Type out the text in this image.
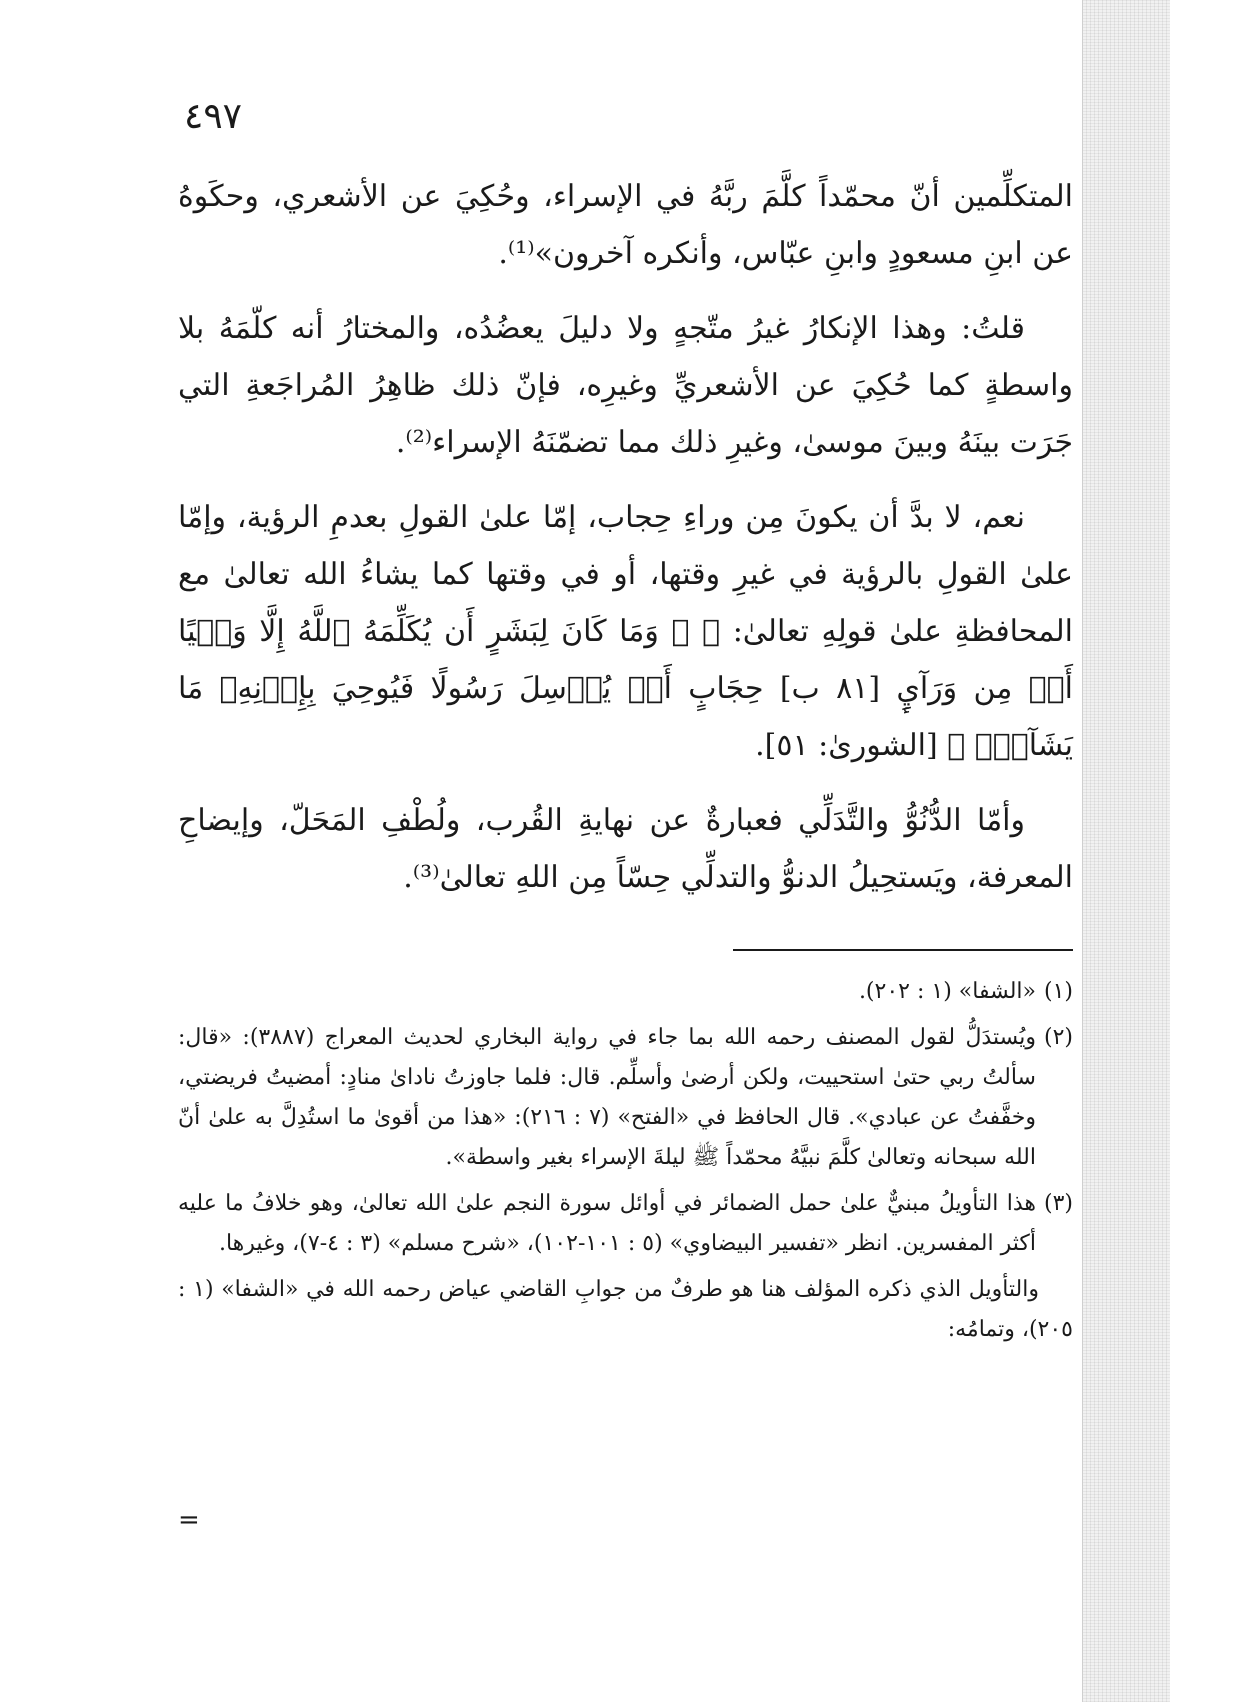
٤٩٧

المتكلِّمين أنّ محمّداً كلَّمَ ربَّهُ في الإسراء، وحُكِيَ عن الأشعري، وحكَوهُ عن ابنِ مسعودٍ وابنِ عبّاس، وأنكره آخرون»⁽¹⁾.

قلتُ: وهذا الإنكارُ غيرُ متّجهٍ ولا دليلَ يعضُدُه، والمختارُ أنه كلّمَهُ بلا واسطةٍ كما حُكِيَ عن الأشعريِّ وغيرِه، فإنّ ذلك ظاهِرُ المُراجَعةِ التي جَرَت بينَهُ وبينَ موسىٰ، وغيرِ ذلك مما تضمّنَهُ الإسراء⁽²⁾.

نعم، لا بدَّ أن يكونَ مِن وراءِ حِجاب، إمّا علىٰ القولِ بعدمِ الرؤية، وإمّا علىٰ القولِ بالرؤية في غيرِ وقتها، أو في وقتها كما يشاءُ الله تعالىٰ مع المحافظةِ علىٰ قولِهِ تعالىٰ: ﴿ ۞ وَمَا كَانَ لِبَشَرٍ أَن يُكَلِّمَهُ ٱللَّهُ إِلَّا وَحۡيًا أَوۡ مِن وَرَآيِٕ [٨١ ب] حِجَابٍ أَوۡ يُرۡسِلَ رَسُولًا فَيُوحِيَ بِإِذۡنِهِۦ مَا يَشَآءُۚ ﴾ [الشورىٰ: ٥١].

وأمّا الدُّنُوُّ والتَّدَلِّي فعبارةٌ عن نهايةِ القُرب، ولُطْفِ المَحَلّ، وإيضاحِ المعرفة، ويَستحِيلُ الدنوُّ والتدلِّي حِسّاً مِن اللهِ تعالىٰ⁽³⁾.

(١)
«الشفا» (١ : ٢٠٢).
(٢)
ويُستدَلُّ لقول المصنف رحمه الله بما جاء في رواية البخاري لحديث المعراج (٣٨٨٧): «قال: سألتُ ربي حتىٰ استحييت، ولكن أرضىٰ وأسلِّم. قال: فلما جاوزتُ ناداىٰ منادٍ: أمضيتُ فريضتي، وخفَّفتُ عن عبادي». قال الحافظ في «الفتح» (٧ : ٢١٦): «هذا من أقوىٰ ما استُدِلَّ به علىٰ أنّ الله سبحانه وتعالىٰ كلَّمَ نبيَّهُ محمّداً ﷺ ليلةَ الإسراء بغير واسطة».
(٣)
هذا التأويلُ مبنيٌّ علىٰ حمل الضمائر في أوائل سورة النجم علىٰ الله تعالىٰ، وهو خلافُ ما عليه أكثر المفسرين. انظر «تفسير البيضاوي» (٥ : ١٠١-١٠٢)، «شرح مسلم» (٣ : ٤-٧)، وغيرها.
والتأويل الذي ذكره المؤلف هنا هو طرفٌ من جوابِ القاضي عياض رحمه الله في «الشفا» (١ : ٢٠٥)، وتمامُه:
=
